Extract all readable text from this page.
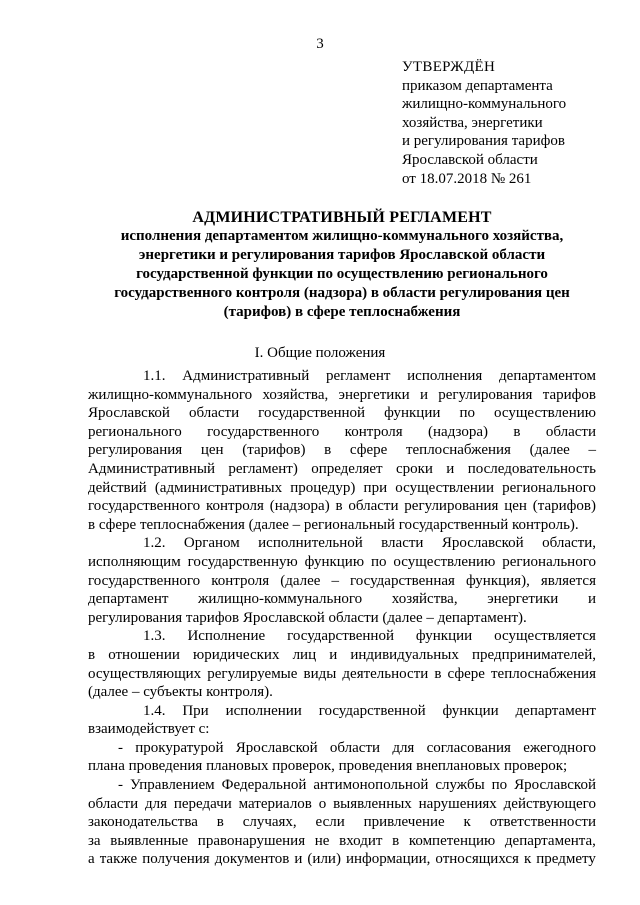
3
УТВЕРЖДЁН
приказом департамента
жилищно-коммунального
хозяйства, энергетики
и регулирования тарифов
Ярославской области
от 18.07.2018 № 261
АДМИНИСТРАТИВНЫЙ РЕГЛАМЕНТ
исполнения департаментом жилищно-коммунального хозяйства,
энергетики и регулирования тарифов Ярославской области
государственной функции по осуществлению регионального
государственного контроля (надзора) в области регулирования цен
(тарифов) в сфере теплоснабжения
I. Общие положения
1.1. Административный регламент исполнения департаментом
жилищно-коммунального хозяйства, энергетики и регулирования тарифов
Ярославской области государственной функции по осуществлению
регионального государственного контроля (надзора) в области
регулирования цен (тарифов) в сфере теплоснабжения (далее –
Административный регламент) определяет сроки и последовательность
действий (административных процедур) при осуществлении регионального
государственного контроля (надзора) в области регулирования цен (тарифов)
в сфере теплоснабжения (далее – региональный государственный контроль).
1.2. Органом исполнительной власти Ярославской области,
исполняющим государственную функцию по осуществлению регионального
государственного контроля (далее – государственная функция), является
департамент жилищно-коммунального хозяйства, энергетики и
регулирования тарифов Ярославской области (далее – департамент).
1.3. Исполнение государственной функции осуществляется
в отношении юридических лиц и индивидуальных предпринимателей,
осуществляющих регулируемые виды деятельности в сфере теплоснабжения
(далее – субъекты контроля).
1.4. При исполнении государственной функции департамент
взаимодействует с:
- прокуратурой Ярославской области для согласования ежегодного
плана проведения плановых проверок, проведения внеплановых проверок;
- Управлением Федеральной антимонопольной службы по Ярославской
области для передачи материалов о выявленных нарушениях действующего
законодательства в случаях, если привлечение к ответственности
за выявленные правонарушения не входит в компетенцию департамента,
а также получения документов и (или) информации, относящихся к предмету
